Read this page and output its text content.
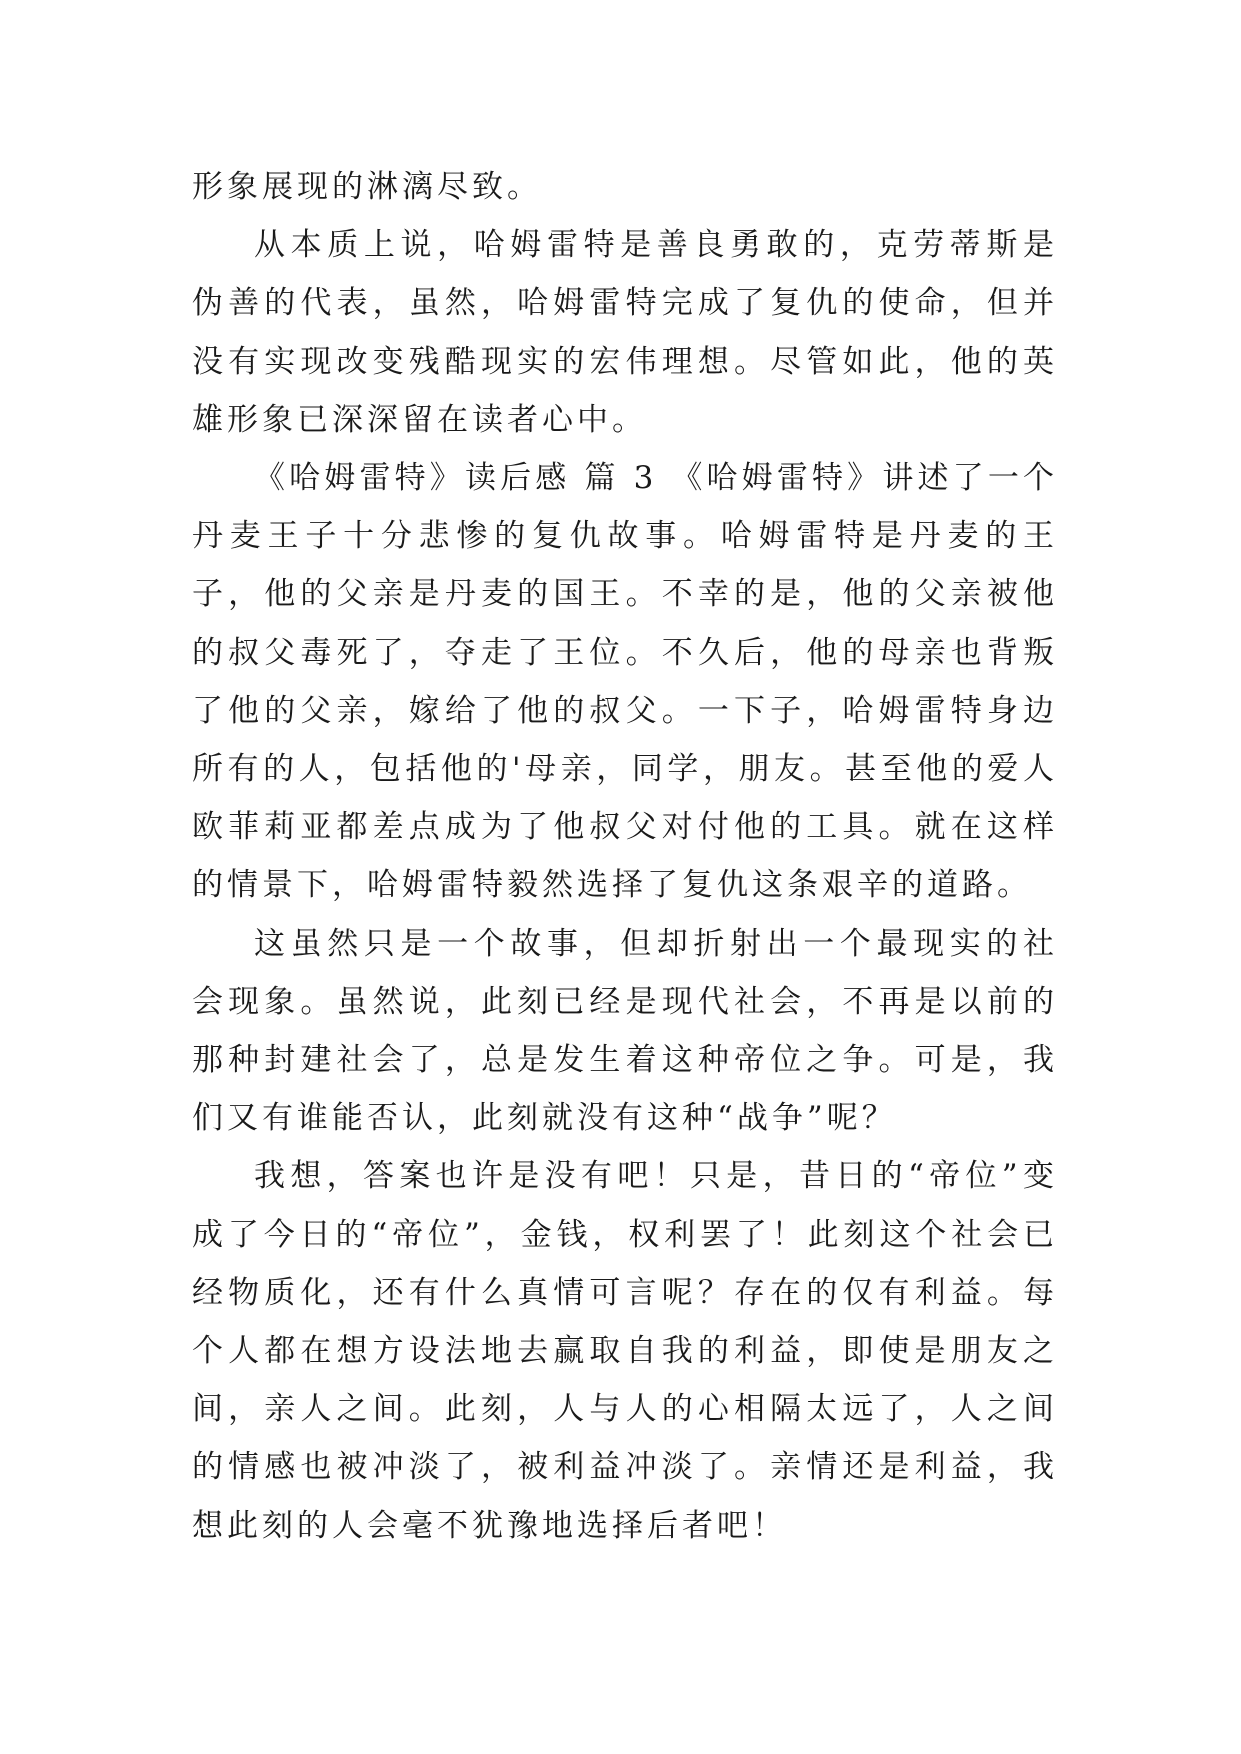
形象展现的淋漓尽致。

从本质上说，哈姆雷特是善良勇敢的，克劳蒂斯是伪善的代表，虽然，哈姆雷特完成了复仇的使命，但并没有实现改变残酷现实的宏伟理想。尽管如此，他的英雄形象已深深留在读者心中。

《哈姆雷特》读后感 篇 3 《哈姆雷特》讲述了一个丹麦王子十分悲惨的复仇故事。哈姆雷特是丹麦的王子，他的父亲是丹麦的国王。不幸的是，他的父亲被他的叔父毒死了，夺走了王位。不久后，他的母亲也背叛了他的父亲，嫁给了他的叔父。一下子，哈姆雷特身边所有的人，包括他的'母亲，同学，朋友。甚至他的爱人欧菲莉亚都差点成为了他叔父对付他的工具。就在这样的情景下，哈姆雷特毅然选择了复仇这条艰辛的道路。

这虽然只是一个故事，但却折射出一个最现实的社会现象。虽然说，此刻已经是现代社会，不再是以前的那种封建社会了，总是发生着这种帝位之争。可是，我们又有谁能否认，此刻就没有这种“战争”呢？

我想，答案也许是没有吧！只是，昔日的“帝位”变成了今日的“帝位”，金钱，权利罢了！此刻这个社会已经物质化，还有什么真情可言呢？存在的仅有利益。每个人都在想方设法地去赢取自我的利益，即使是朋友之间，亲人之间。此刻，人与人的心相隔太远了，人之间的情感也被冲淡了，被利益冲淡了。亲情还是利益，我想此刻的人会毫不犹豫地选择后者吧！
